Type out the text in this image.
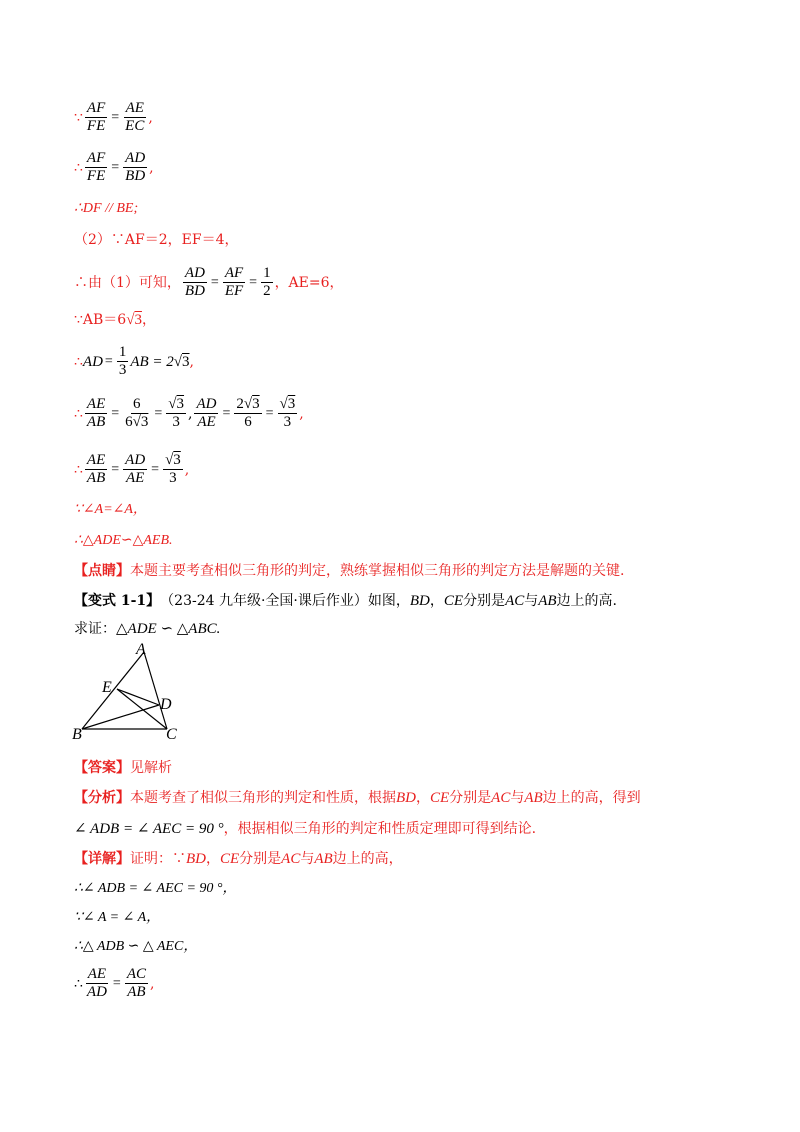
∵ $\frac{AF}{FE} = \frac{AE}{EC}$ ,
∴ $\frac{AF}{FE} = \frac{AD}{BD}$ ,
∴DF // BE;
（2）∵AF＝2，EF＝4，
∴由（1）可知， $\frac{AD}{BD} = \frac{AF}{EF} = \frac{1}{2}$ ，AE=6，
∵AB＝6 √3 ，
∴ AD = $\frac{1}{3}$ AB = 2 √3 ,
∴ $\frac{AE}{AB} = \frac{6}{6√3} = \frac{√3}{3}$ , $\frac{AD}{AE} = \frac{2√3}{6} = \frac{√3}{3}$ ,
∴ $\frac{AE}{AB} = \frac{AD}{AE} = \frac{√3}{3}$ ,
∵∠A=∠A，
∴△ADE∽△AEB.
【点睛】 本题主要考查相似三角形的判定，熟练掌握相似三角形的判定方法是解题的关键.
【变式 1-1】 （23-24 九年级·全国·课后作业）如图， BD ， CE 分别是 AC 与 AB 边上的高.
求证： △ADE ∽ △ABC.
A
E
D
B	C
【答案】 见解析
【分析】 本题考查了相似三角形的判定和性质，根据 BD ， CE 分别是 AC 与 AB 边上的高，得到
∠ ADB = ∠ AEC = 90 ° ，根据相似三角形的判定和性质定理即可得到结论.
【详解】 证明：∵ BD ， CE 分别是 AC 与 AB 边上的高，
∴∠ ADB = ∠ AEC = 90 °，
∵∠ A = ∠ A，
∴△ ADB ∽ △ AEC，
∴ $\frac{AE}{AD} = \frac{AC}{AB}$ ,
